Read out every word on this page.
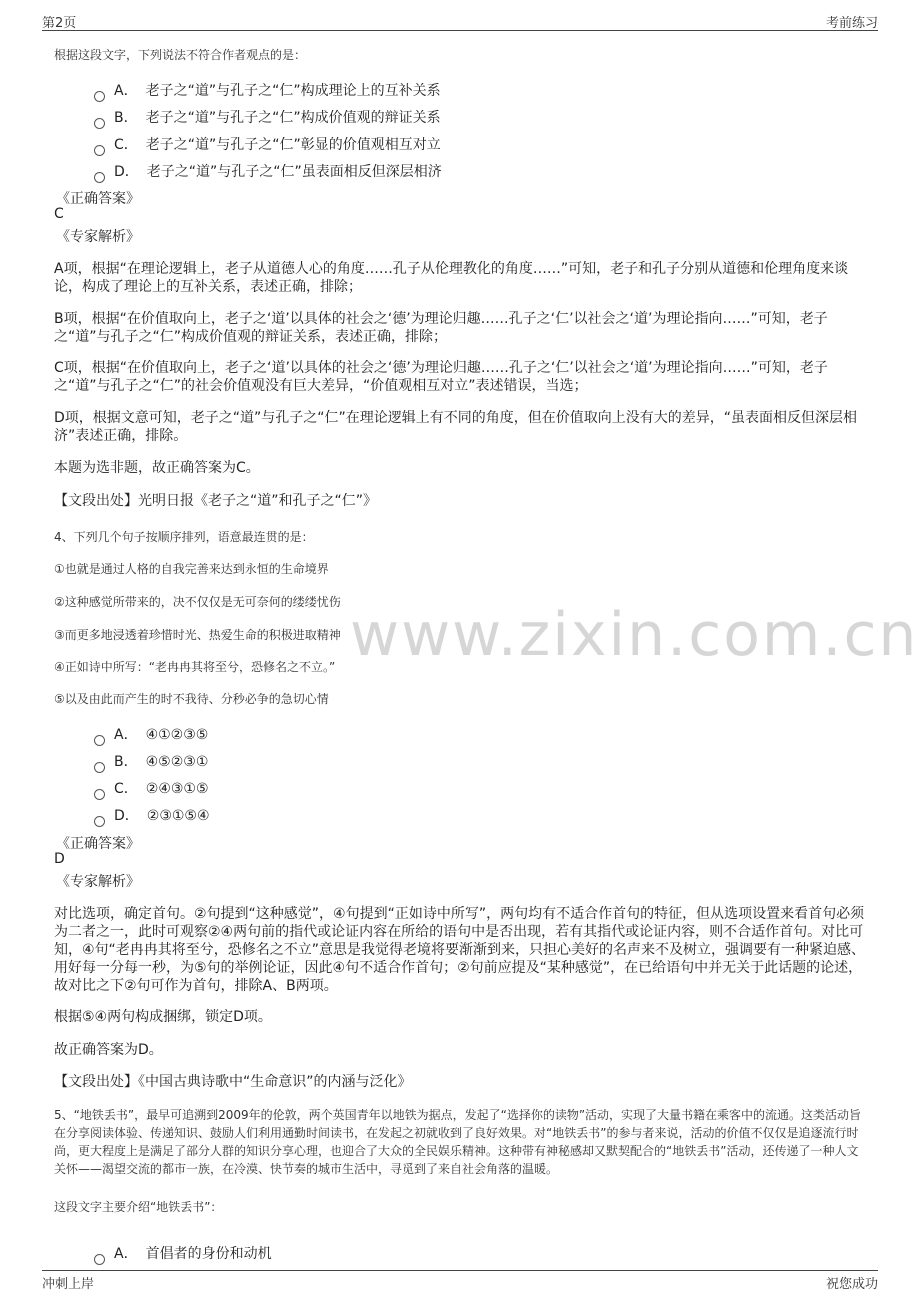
第2页	考前练习
www.zixin.com.cn
根据这段文字，下列说法不符合作者观点的是：
A． 老子之“道”与孔子之“仁”构成理论上的互补关系
B． 老子之“道”与孔子之“仁”构成价值观的辩证关系
C． 老子之“道”与孔子之“仁”彰显的价值观相互对立
D． 老子之“道”与孔子之“仁”虽表面相反但深层相济
《正确答案》
C
《专家解析》
A项，根据“在理论逻辑上，老子从道德人心的角度……孔子从伦理教化的角度……”可知，老子和孔子分别从道德和伦理角度来谈论，构成了理论上的互补关系，表述正确，排除；
B项，根据“在价值取向上，老子之‘道’以具体的社会之‘德’为理论归趣……孔子之‘仁’以社会之‘道’为理论指向……”可知，老子之“道”与孔子之“仁”构成价值观的辩证关系，表述正确，排除；
C项，根据“在价值取向上，老子之‘道’以具体的社会之‘德’为理论归趣……孔子之‘仁’以社会之‘道’为理论指向……”可知，老子之“道”与孔子之“仁”的社会价值观没有巨大差异，“价值观相互对立”表述错误，当选；
D项，根据文意可知，老子之“道”与孔子之“仁”在理论逻辑上有不同的角度，但在价值取向上没有大的差异，“虽表面相反但深层相济”表述正确，排除。
本题为选非题，故正确答案为C。
【文段出处】光明日报《老子之“道”和孔子之“仁”》
4、下列几个句子按顺序排列，语意最连贯的是：
①也就是通过人格的自我完善来达到永恒的生命境界
②这种感觉所带来的，决不仅仅是无可奈何的缕缕忧伤
③而更多地浸透着珍惜时光、热爱生命的积极进取精神
④正如诗中所写：“老冉冉其将至兮，恐修名之不立。”
⑤以及由此而产生的时不我待、分秒必争的急切心情
A． ④①②③⑤
B． ④⑤②③①
C． ②④③①⑤
D． ②③①⑤④
《正确答案》
D
《专家解析》
对比选项，确定首句。②句提到“这种感觉”，④句提到“正如诗中所写”，两句均有不适合作首句的特征，但从选项设置来看首句必须为二者之一，此时可观察②④两句前的指代或论证内容在所给的语句中是否出现，若有其指代或论证内容，则不合适作首句。对比可知，④句“老冉冉其将至兮，恐修名之不立”意思是我觉得老境将要渐渐到来，只担心美好的名声来不及树立，强调要有一种紧迫感、用好每一分每一秒，为⑤句的举例论证，因此④句不适合作首句；②句前应提及“某种感觉”，在已给语句中并无关于此话题的论述，故对比之下②句可作为首句，排除A、B两项。
根据⑤④两句构成捆绑，锁定D项。
故正确答案为D。
【文段出处】《中国古典诗歌中“生命意识”的内涵与泛化》
5、“地铁丢书”，最早可追溯到2009年的伦敦，两个英国青年以地铁为据点，发起了“选择你的读物”活动，实现了大量书籍在乘客中的流通。这类活动旨在分享阅读体验、传递知识、鼓励人们利用通勤时间读书，在发起之初就收到了良好效果。对“地铁丢书”的参与者来说，活动的价值不仅仅是追逐流行时尚，更大程度上是满足了部分人群的知识分享心理，也迎合了大众的全民娱乐精神。这种带有神秘感却又默契配合的“地铁丢书”活动，还传递了一种人文关怀——渴望交流的都市一族，在冷漠、快节奏的城市生活中，寻觅到了来自社会角落的温暖。
这段文字主要介绍“地铁丢书”：
A． 首倡者的身份和动机
冲刺上岸	祝您成功
